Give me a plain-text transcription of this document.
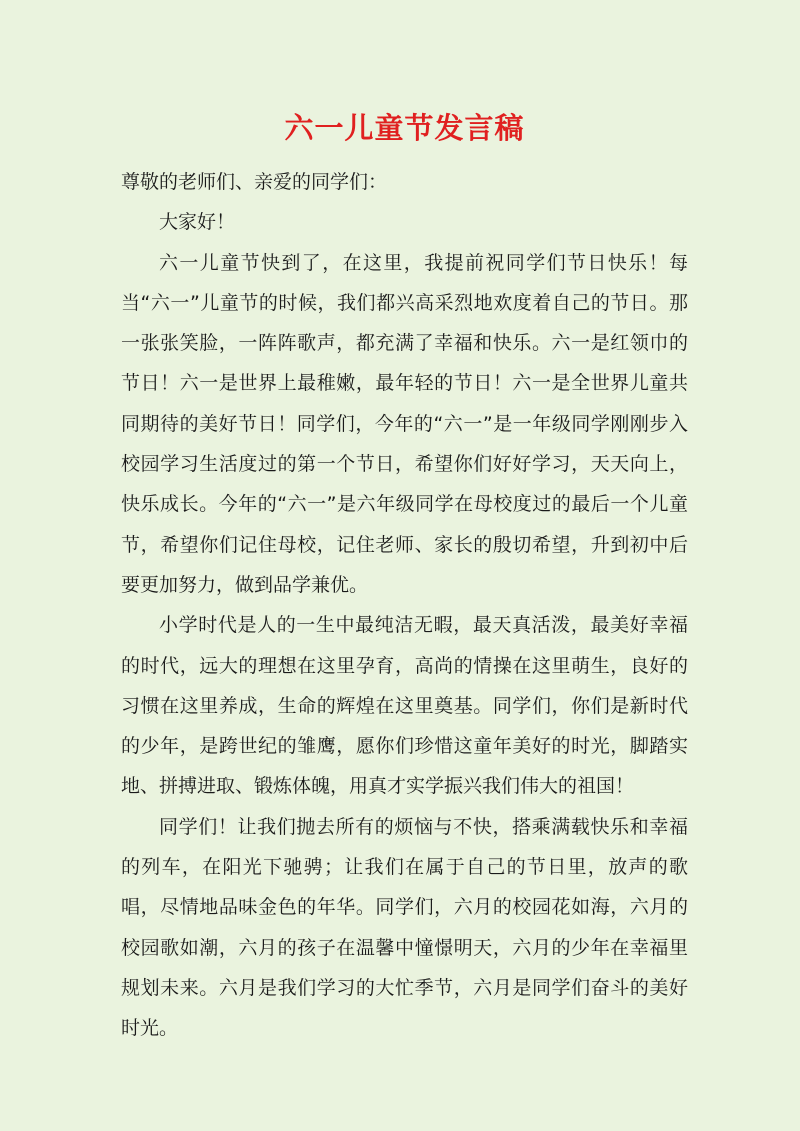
六一儿童节发言稿

尊敬的老师们、亲爱的同学们：

大家好！

六一儿童节快到了，在这里，我提前祝同学们节日快乐！每当“六一”儿童节的时候，我们都兴高采烈地欢度着自己的节日。那一张张笑脸，一阵阵歌声，都充满了幸福和快乐。六一是红领巾的节日！六一是世界上最稚嫩，最年轻的节日！六一是全世界儿童共同期待的美好节日！同学们，今年的“六一”是一年级同学刚刚步入校园学习生活度过的第一个节日，希望你们好好学习，天天向上，快乐成长。今年的“六一”是六年级同学在母校度过的最后一个儿童节，希望你们记住母校，记住老师、家长的殷切希望，升到初中后要更加努力，做到品学兼优。

小学时代是人的一生中最纯洁无暇，最天真活泼，最美好幸福的时代，远大的理想在这里孕育，高尚的情操在这里萌生，良好的习惯在这里养成，生命的辉煌在这里奠基。同学们，你们是新时代的少年，是跨世纪的雏鹰，愿你们珍惜这童年美好的时光，脚踏实地、拼搏进取、锻炼体魄，用真才实学振兴我们伟大的祖国！

同学们！让我们抛去所有的烦恼与不快，搭乘满载快乐和幸福的列车，在阳光下驰骋；让我们在属于自己的节日里，放声的歌唱，尽情地品味金色的年华。同学们，六月的校园花如海，六月的校园歌如潮，六月的孩子在温馨中憧憬明天，六月的少年在幸福里规划未来。六月是我们学习的大忙季节，六月是同学们奋斗的美好时光。
